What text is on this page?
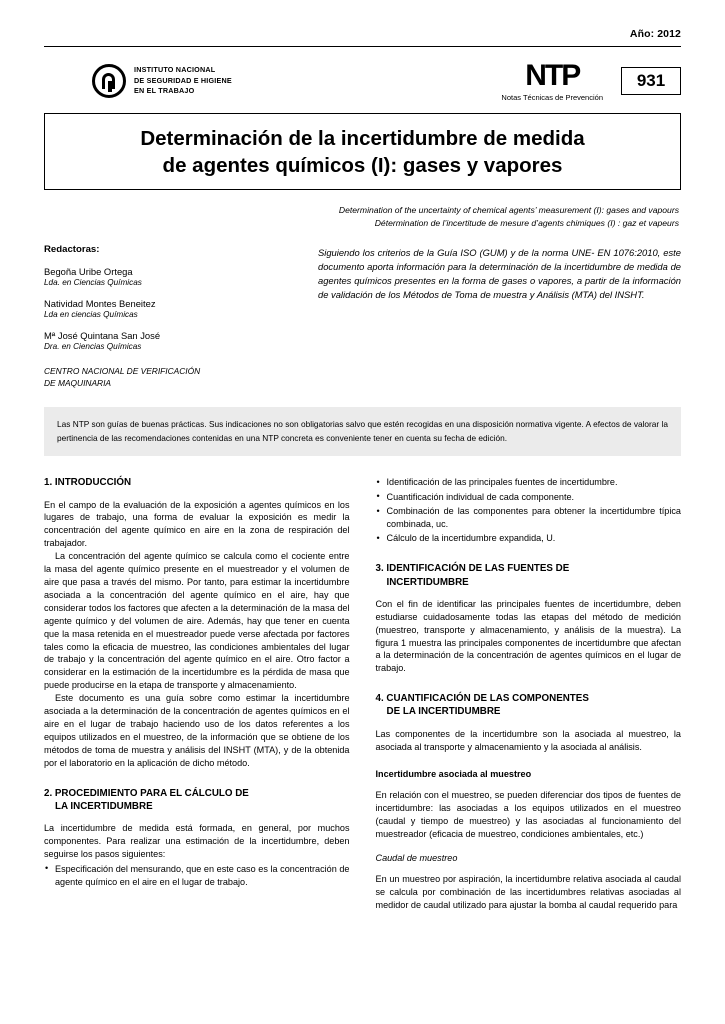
Año: 2012
INSTITUTO NACIONAL
DE SEGURIDAD E HIGIENE
EN EL TRABAJO	NTP
Notas Técnicas de Prevención
931
Determinación de la incertidumbre de medida
de agentes químicos (I): gases y vapores
Determination of the uncertainty of chemical agents’ measurement (I): gases and vapours
Détermination de l’incertitude de mesure d’agents chimiques (I) : gaz et vapeurs
Redactoras:
Begoña Uribe Ortega
Lda. en Ciencias Químicas
Natividad Montes Beneitez
Lda en ciencias Químicas
Mª José Quintana San José
Dra. en Ciencias Químicas
CENTRO NACIONAL DE VERIFICACIÓN
DE MAQUINARIA
Siguiendo los criterios de la Guía ISO (GUM) y de la norma UNE- EN 1076:2010, este documento aporta información para la determinación de la incertidumbre de medida de agentes químicos presentes en la forma de gases o vapores, a partir de la información de validación de los Métodos de Toma de muestra y Análisis (MTA) del INSHT.
Las NTP son guías de buenas prácticas. Sus indicaciones no son obligatorias salvo que estén recogidas en una disposición normativa vigente. A efectos de valorar la pertinencia de las recomendaciones contenidas en una NTP concreta es conveniente tener en cuenta su fecha de edición.
1. INTRODUCCIÓN

En el campo de la evaluación de la exposición a agentes químicos en los lugares de trabajo, una forma de evaluar la exposición es medir la concentración del agente químico en aire en la zona de respiración del trabajador.

La concentración del agente químico se calcula como el cociente entre la masa del agente químico presente en el muestreador y el volumen de aire que pasa a través del mismo. Por tanto, para estimar la incertidumbre asociada a la concentración del agente químico en el aire, hay que considerar todos los factores que afecten a la determinación de la masa del agente químico y del volumen de aire. Además, hay que tener en cuenta que la masa retenida en el muestreador puede verse afectada por factores tales como la eficacia de muestreo, las condiciones ambientales del lugar de trabajo y la concentración del agente químico en el aire. Otro factor a considerar en la estimación de la incertidumbre es la pérdida de masa que puede producirse en la etapa de transporte y almacenamiento.

Este documento es una guía sobre como estimar la incertidumbre asociada a la determinación de la concentración de agentes químicos en el aire en el lugar de trabajo haciendo uso de los datos referentes a los equipos utilizados en el muestreo, de la información que se obtiene de los métodos de toma de muestra y análisis del INSHT (MTA), y de la obtenida por el laboratorio en la aplicación de dicho método.

2. PROCEDIMIENTO PARA EL CÁLCULO DE
LA INCERTIDUMBRE

La incertidumbre de medida está formada, en general, por muchos componentes. Para realizar una estimación de la incertidumbre, deben seguirse los pasos siguientes:

• Especificación del mensurando, que en este caso es la concentración de agente químico en el aire en el lugar de trabajo.
• Identificación de las principales fuentes de incertidumbre.
• Cuantificación individual de cada componente.
• Combinación de las componentes para obtener la incertidumbre típica combinada, uc.
• Cálculo de la incertidumbre expandida, U.
3. IDENTIFICACIÓN DE LAS FUENTES DE
INCERTIDUMBRE

Con el fin de identificar las principales fuentes de incertidumbre, deben estudiarse cuidadosamente todas las etapas del método de medición (muestreo, transporte y almacenamiento, y análisis de la muestra). La figura 1 muestra las principales componentes de incertidumbre que afectan a la determinación de la concentración de agentes químicos en el lugar de trabajo.

4. CUANTIFICACIÓN DE LAS COMPONENTES
DE LA INCERTIDUMBRE

Las componentes de la incertidumbre son la asociada al muestreo, la asociada al transporte y almacenamiento y la asociada al análisis.

Incertidumbre asociada al muestreo

En relación con el muestreo, se pueden diferenciar dos tipos de fuentes de incertidumbre: las asociadas a los equipos utilizados en el muestreo (caudal y tiempo de muestreo) y las asociadas al funcionamiento del muestreador (eficacia de muestreo, condiciones ambientales, etc.)

Caudal de muestreo

En un muestreo por aspiración, la incertidumbre relativa asociada al caudal se calcula por combinación de las incertidumbres relativas asociadas al medidor de caudal utilizado para ajustar la bomba al caudal requerido para
